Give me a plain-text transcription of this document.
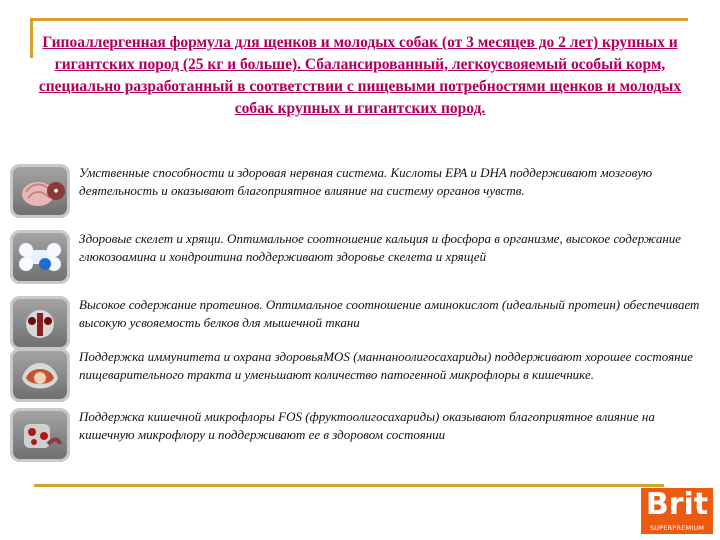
Гипоаллергенная формула для щенков и молодых собак (от 3 месяцев до 2 лет) крупных и гигантских пород (25 кг и больше). Сбалансированный, легкоусвояемый особый корм, специально разработанный в соответствии с пищевыми потребностями щенков и молодых собак крупных и гигантских пород.
●
Умственные способности и здоровая нервная система. Кислоты EPA и DHA поддерживают мозговую деятельность и оказывают благоприятное влияние на систему органов чувств.
Здоровые скелет и хрящи. Оптимальное соотношение кальция и фосфора в организме, высокое содержание глюкозоамина и хондроитина поддерживают здоровье скелета и хрящей
Высокое содержание протеинов. Оптимальное соотношение аминокислот (идеальный протеин) обеспечивает высокую усвояемость белков для мышечной ткани
Поддержка иммунитета и охрана здоровьяMOS (маннаноолигосахариды) поддерживают хорошее состояние пищеварительного тракта и уменьшают количество патогенной микрофлоры в кишечнике.
Поддержка кишечной микрофлоры FOS (фруктоолигосахариды) оказывают благоприятное влияние на кишечную микрофлору и поддерживают ее в здоровом состоянии
Brit
SUPERPREMIUM
